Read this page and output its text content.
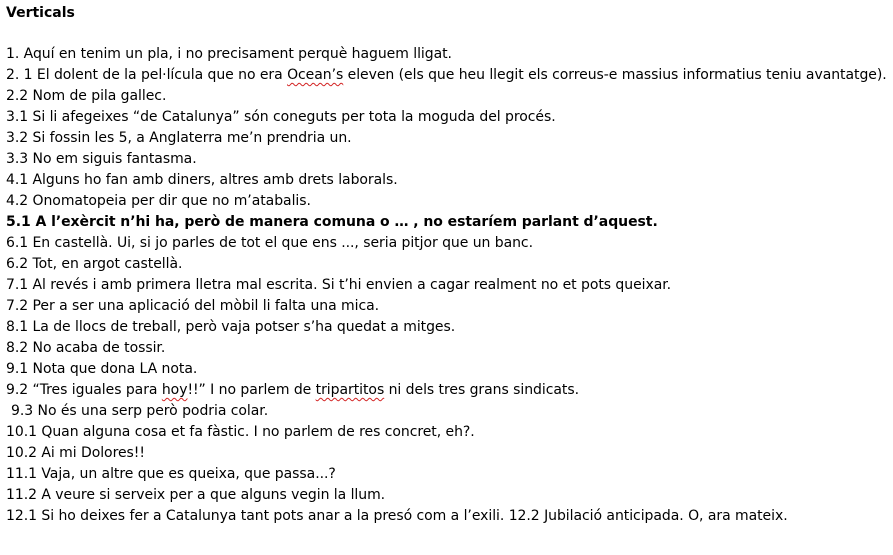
Verticals

1. Aquí en tenim un pla, i no precisament perquè haguem lligat.

2. 1 El dolent de la pel·lícula que no era Ocean’s eleven (els que heu llegit els correus-e massius informatius teniu avantatge).

2.2 Nom de pila gallec.

3.1 Si li afegeixes “de Catalunya” són coneguts per tota la moguda del procés.

3.2 Si fossin les 5, a Anglaterra me’n prendria un.

3.3 No em siguis fantasma.

4.1 Alguns ho fan amb diners, altres amb drets laborals.

4.2 Onomatopeia per dir que no m’atabalis.

5.1 A l’exèrcit n’hi ha, però de manera comuna o … , no estaríem parlant d’aquest.

6.1 En castellà. Ui, si jo parles de tot el que ens ..., seria pitjor que un banc.

6.2 Tot, en argot castellà.

7.1 Al revés i amb primera lletra mal escrita. Si t’hi envien a cagar realment no et pots queixar.

7.2 Per a ser una aplicació del mòbil li falta una mica.

8.1 La de llocs de treball, però vaja potser s’ha quedat a mitges.

8.2 No acaba de tossir.

9.1 Nota que dona LA nota.

9.2 “Tres iguales para hoy!!” I no parlem de tripartitos ni dels tres grans sindicats.

9.3 No és una serp però podria colar.

10.1 Quan alguna cosa et fa fàstic. I no parlem de res concret, eh?.

10.2 Ai mi Dolores!!

11.1 Vaja, un altre que es queixa, que passa...?

11.2 A veure si serveix per a que alguns vegin la llum.

12.1 Si ho deixes fer a Catalunya tant pots anar a la presó com a l’exili. 12.2 Jubilació anticipada. O, ara mateix.
